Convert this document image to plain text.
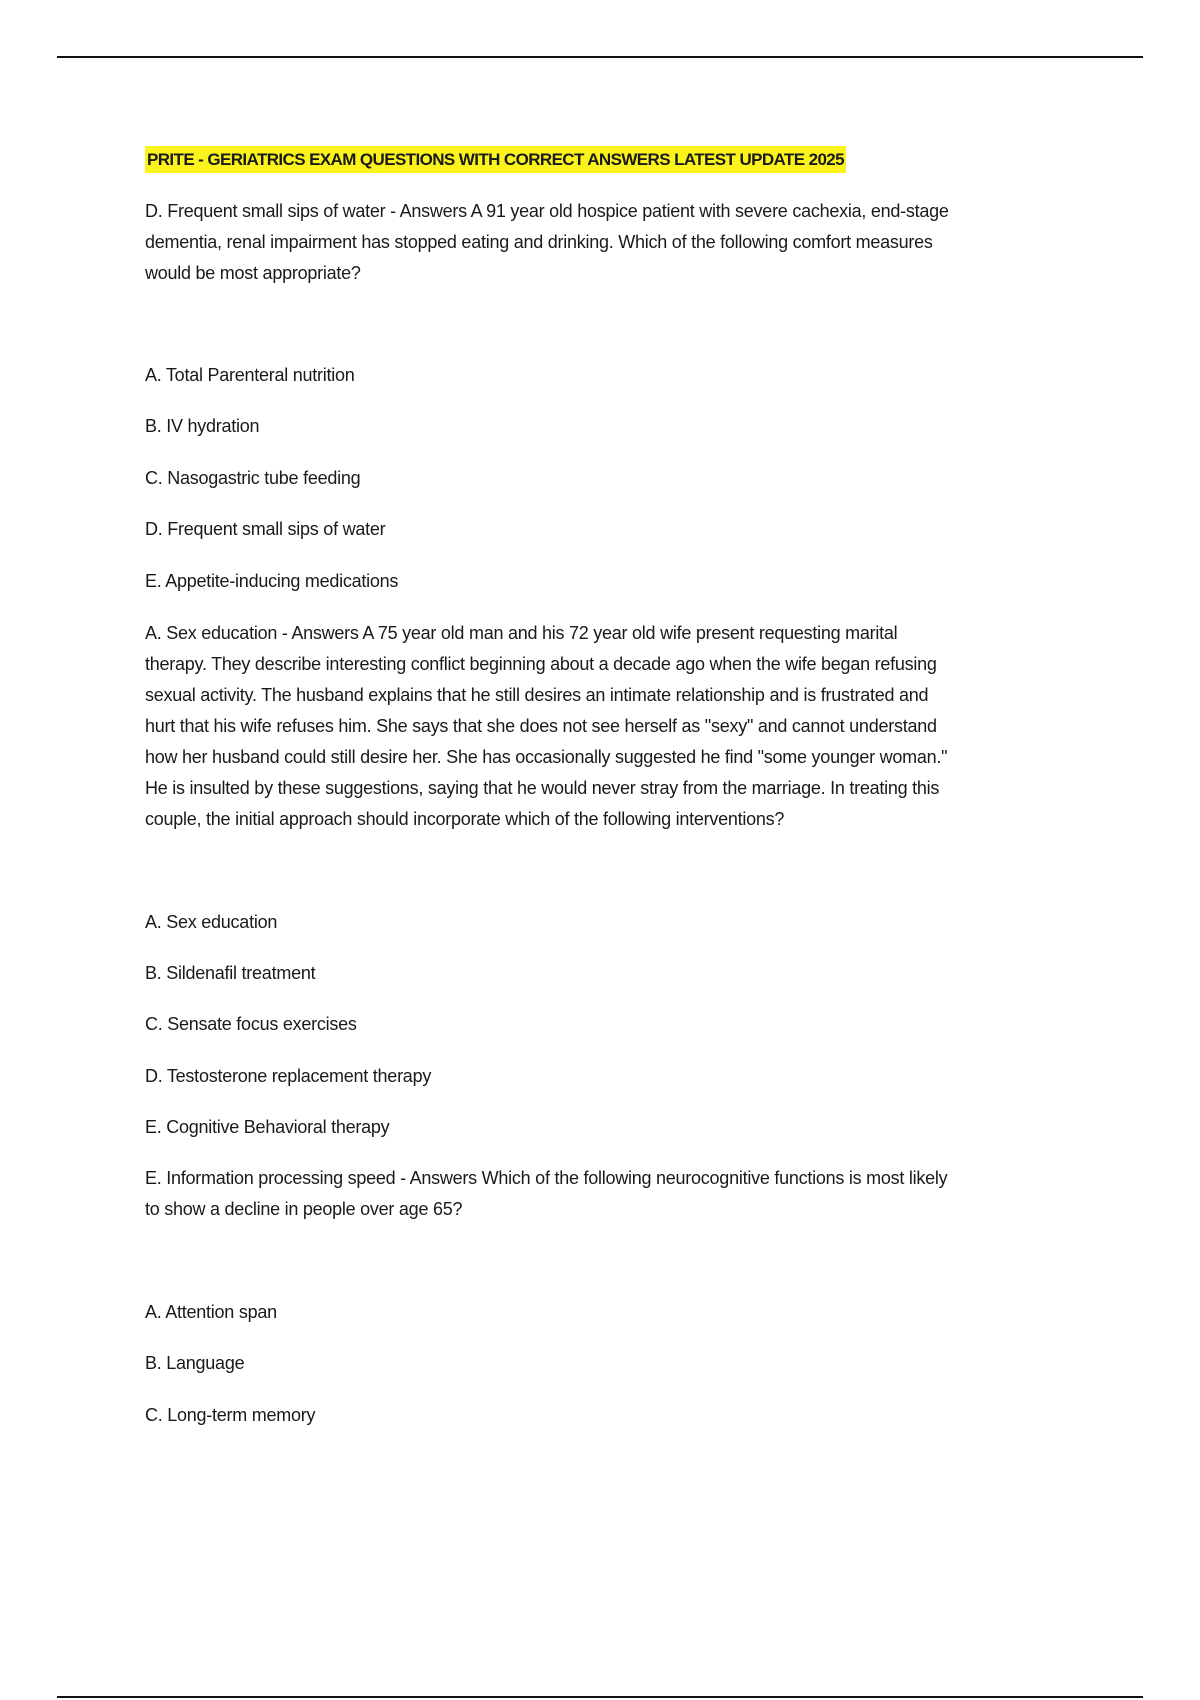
PRITE - GERIATRICS EXAM QUESTIONS WITH CORRECT ANSWERS LATEST UPDATE 2025
D. Frequent small sips of water - Answers A 91 year old hospice patient with severe cachexia, end-stage
dementia, renal impairment has stopped eating and drinking. Which of the following comfort measures
would be most appropriate?
A. Total Parenteral nutrition
B. IV hydration
C. Nasogastric tube feeding
D. Frequent small sips of water
E. Appetite-inducing medications
A. Sex education - Answers A 75 year old man and his 72 year old wife present requesting marital
therapy. They describe interesting conflict beginning about a decade ago when the wife began refusing
sexual activity. The husband explains that he still desires an intimate relationship and is frustrated and
hurt that his wife refuses him. She says that she does not see herself as "sexy" and cannot understand
how her husband could still desire her. She has occasionally suggested he find "some younger woman."
He is insulted by these suggestions, saying that he would never stray from the marriage. In treating this
couple, the initial approach should incorporate which of the following interventions?
A. Sex education
B. Sildenafil treatment
C. Sensate focus exercises
D. Testosterone replacement therapy
E. Cognitive Behavioral therapy
E. Information processing speed - Answers Which of the following neurocognitive functions is most likely
to show a decline in people over age 65?
A. Attention span
B. Language
C. Long-term memory
